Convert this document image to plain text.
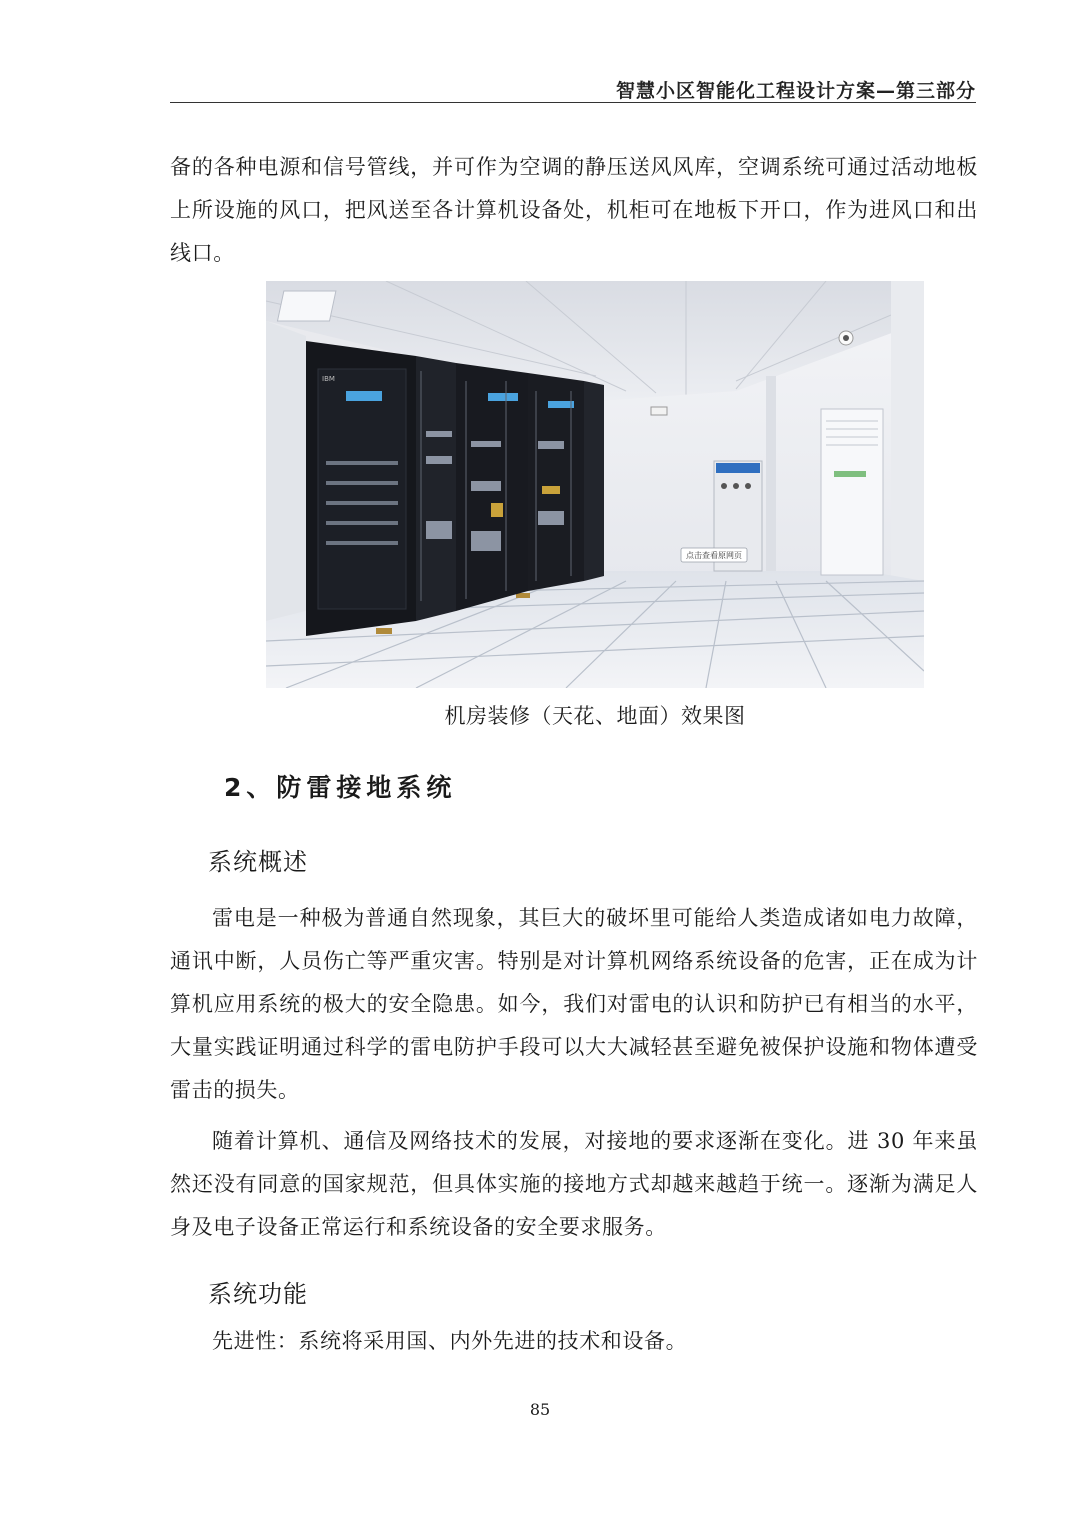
智慧小区智能化工程设计方案—第三部分

备的各种电源和信号管线，并可作为空调的静压送风风库，空调系统可通过活动地板上所设施的风口，把风送至各计算机设备处，机柜可在地板下开口，作为进风口和出线口。

IBM
点击查看原网页
机房装修（天花、地面）效果图
2、防雷接地系统
系统概述

雷电是一种极为普通自然现象，其巨大的破坏里可能给人类造成诸如电力故障，通讯中断，人员伤亡等严重灾害。特别是对计算机网络系统设备的危害，正在成为计算机应用系统的极大的安全隐患。如今，我们对雷电的认识和防护已有相当的水平，大量实践证明通过科学的雷电防护手段可以大大减轻甚至避免被保护设施和物体遭受雷击的损失。

随着计算机、通信及网络技术的发展，对接地的要求逐渐在变化。进 30 年来虽然还没有同意的国家规范，但具体实施的接地方式却越来越趋于统一。逐渐为满足人身及电子设备正常运行和系统设备的安全要求服务。

系统功能

先进性：系统将采用国、内外先进的技术和设备。

85
